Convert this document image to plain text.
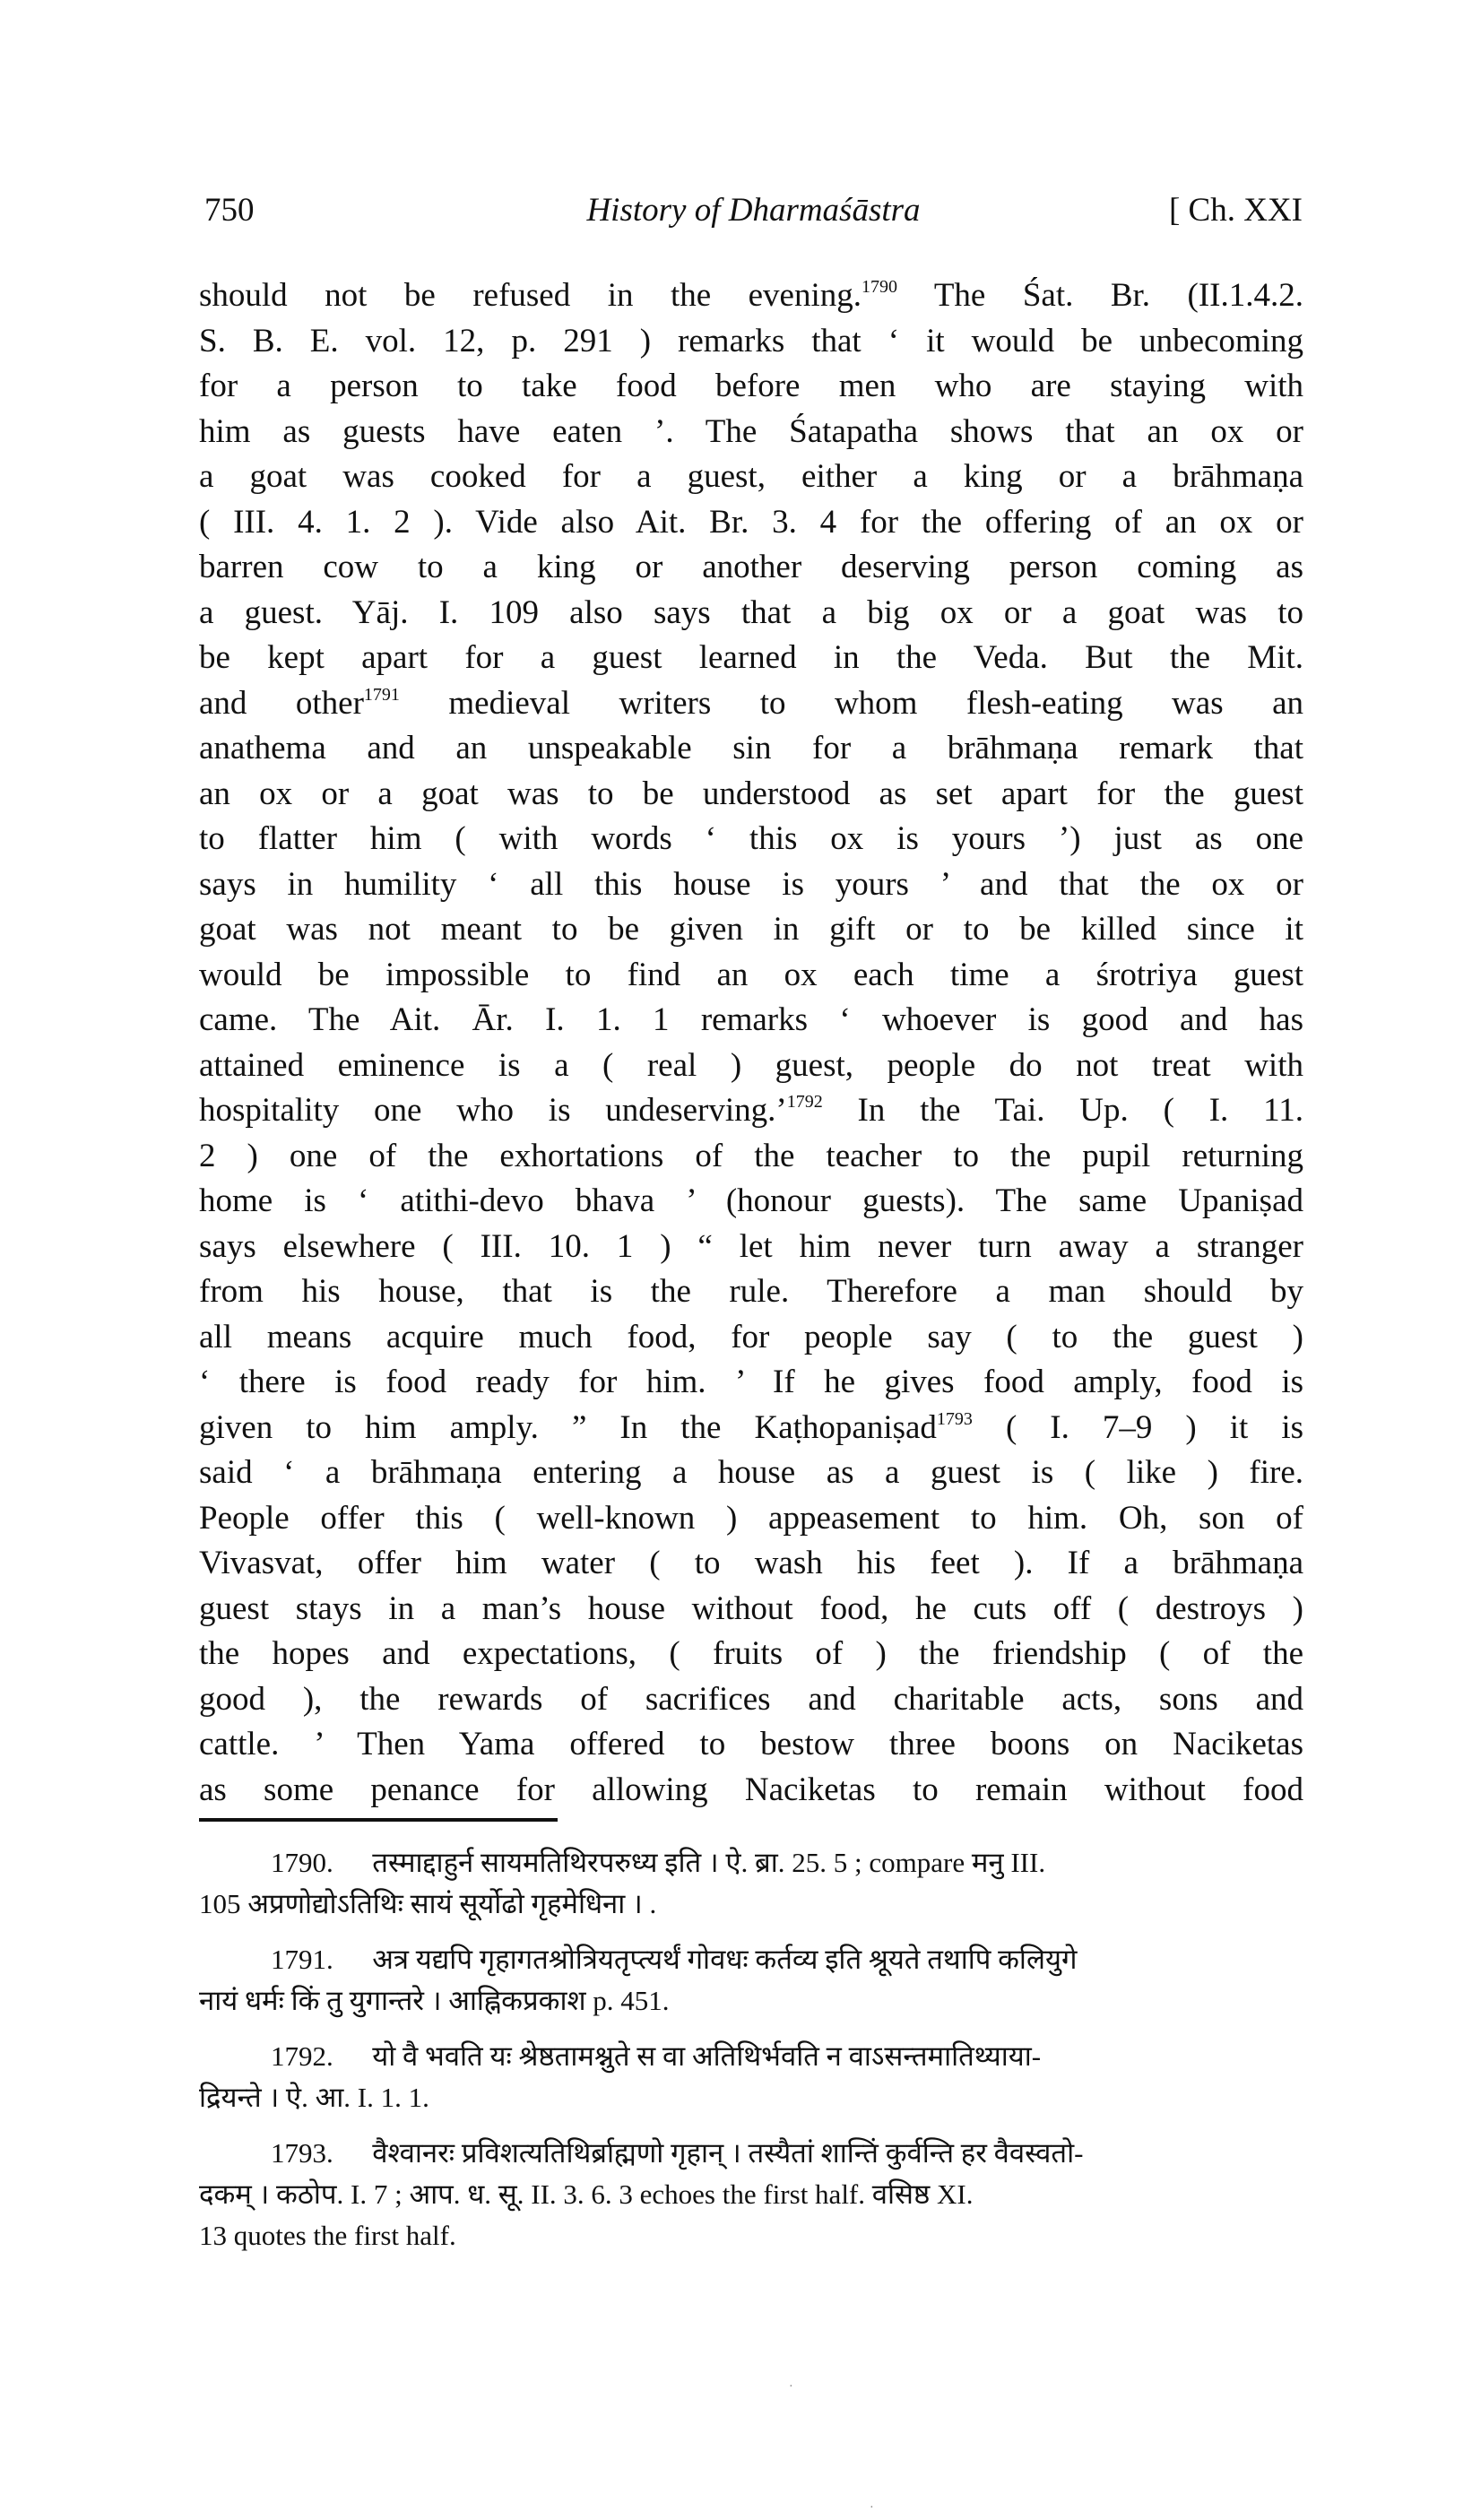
750	History of Dharmaśāstra	[ Ch. XXI
should not be refused in the evening.$^{1790}$ The Śat. Br. (II.1.4.2.
S. B. E. vol. 12, p. 291 ) remarks that ‘ it would be unbecoming
for a person to take food before men who are staying with
him as guests have eaten ’. The Śatapatha shows that an ox or
a goat was cooked for a guest, either a king or a brāhmaṇa
( III. 4. 1. 2 ). Vide also Ait. Br. 3. 4 for the offering of an ox or
barren cow to a king or another deserving person coming as
a guest. Yāj. I. 109 also says that a big ox or a goat was to
be kept apart for a guest learned in the Veda. But the Mit.
and other$^{1791}$ medieval writers to whom flesh-eating was an
anathema and an unspeakable sin for a brāhmaṇa remark that
an ox or a goat was to be understood as set apart for the guest
to flatter him ( with words ‘ this ox is yours ’) just as one
says in humility ‘ all this house is yours ’ and that the ox or
goat was not meant to be given in gift or to be killed since it
would be impossible to find an ox each time a śrotriya guest
came. The Ait. Ār. I. 1. 1 remarks ‘ whoever is good and has
attained eminence is a ( real ) guest, people do not treat with
hospitality one who is undeserving.’$^{1792}$ In the Tai. Up. ( I. 11.
2 ) one of the exhortations of the teacher to the pupil returning
home is ‘ atithi-devo bhava ’ (honour guests). The same Upaniṣad
says elsewhere ( III. 10. 1 ) “ let him never turn away a stranger
from his house, that is the rule. Therefore a man should by
all means acquire much food, for people say ( to the guest )
‘ there is food ready for him. ’ If he gives food amply, food is
given to him amply. ” In the Kaṭhopaniṣad$^{1793}$ ( I. 7–9 ) it is
said ‘ a brāhmaṇa entering a house as a guest is ( like ) fire.
People offer this ( well-known ) appeasement to him. Oh, son of
Vivasvat, offer him water ( to wash his feet ). If a brāhmaṇa
guest stays in a man’s house without food, he cuts off ( destroys )
the hopes and expectations, ( fruits of ) the friendship ( of the
good ), the rewards of sacrifices and charitable acts, sons and
cattle. ’ Then Yama offered to bestow three boons on Naciketas
as some penance for allowing Naciketas to remain without food
1790. तस्माद्दाहुर्न सायमतिथिरपरुध्य इति । ऐ. ब्रा. 25. 5 ; compare मनु III.
105 अप्रणोद्योऽतिथिः सायं सूर्योढो गृहमेधिना । .
1791. अत्र यद्यपि गृहागतश्रोत्रियतृप्त्यर्थं गोवधः कर्तव्य इति श्रूयते तथापि कलियुगे
नायं धर्मः किं तु युगान्तरे । आह्निकप्रकाश p. 451.
1792. यो वै भवति यः श्रेष्ठतामश्नुते स वा अतिथिर्भवति न वाऽसन्तमातिथ्याया-
द्रियन्ते । ऐ. आ. I. 1. 1.
1793. वैश्वानरः प्रविशत्यतिथिर्ब्राह्मणो गृहान् । तस्यैतां शान्तिं कुर्वन्ति हर वैवस्वतो-
दकम् । कठोप. I. 7 ; आप. ध. सू. II. 3. 6. 3 echoes the first half. वसिष्ठ XI.
13 quotes the first half.
·
·
